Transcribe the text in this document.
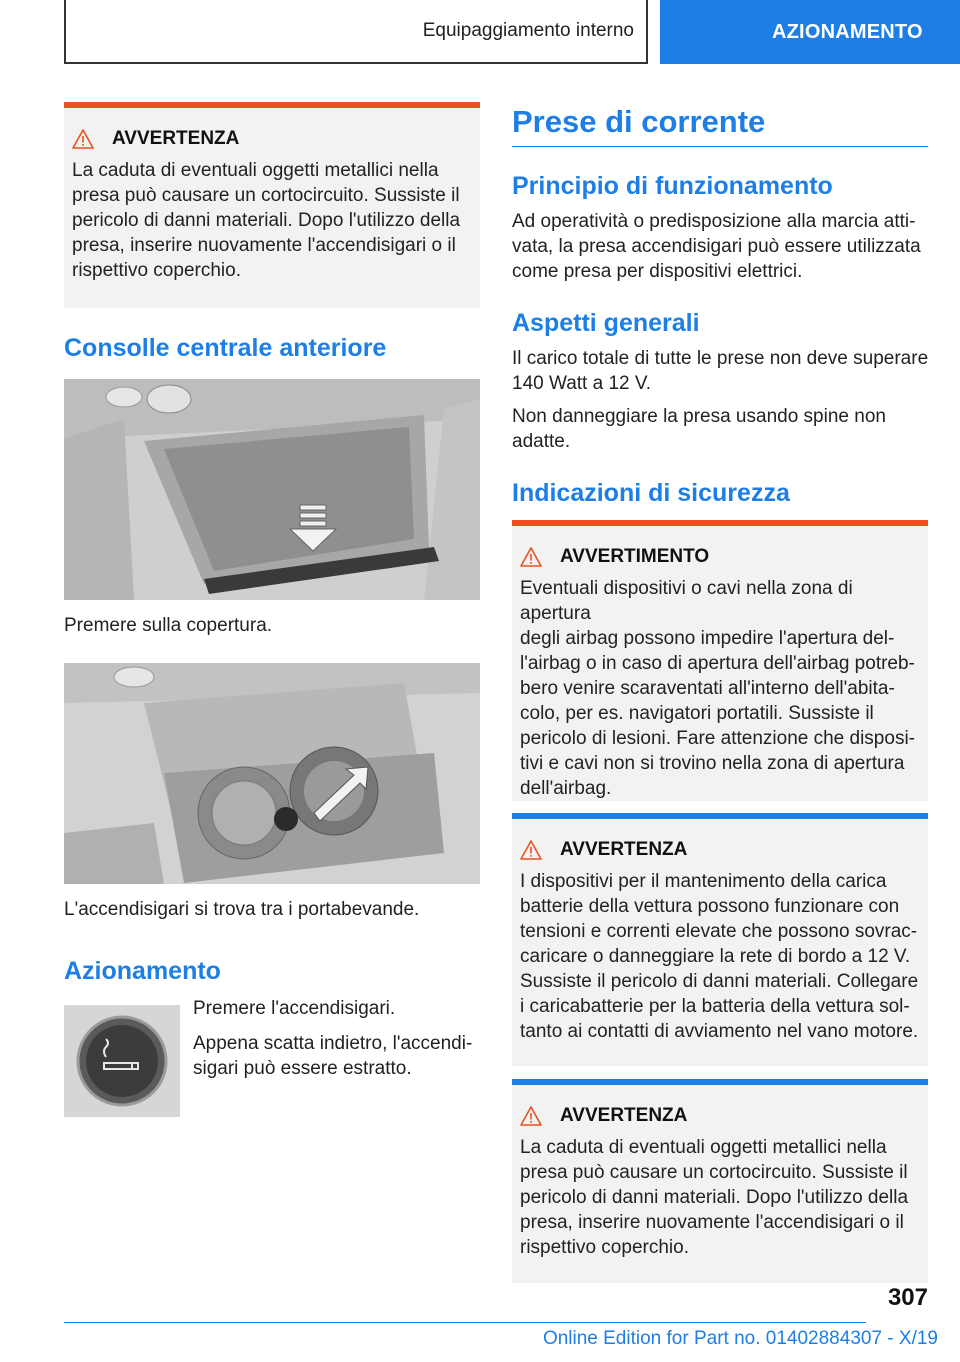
Equipaggiamento interno	AZIONAMENTO
AVVERTENZA

La caduta di eventuali oggetti metallici nella

presa può causare un cortocircuito. Sussiste il

pericolo di danni materiali. Dopo l'utilizzo della

presa, inserire nuovamente l'accendisigari o il

rispettivo coperchio.

Consolle centrale anteriore

Premere sulla copertura.

L'accendisigari si trova tra i portabevande.

Azionamento

Premere l'accendisigari.

Appena scatta indietro, l'accendi-

sigari può essere estratto.

Prese di corrente
Principio di funzionamento

Ad operatività o predisposizione alla marcia atti-

vata, la presa accendisigari può essere utilizzata

come presa per dispositivi elettrici.

Aspetti generali

Il carico totale di tutte le prese non deve superare

140 Watt a 12 V.

Non danneggiare la presa usando spine non

adatte.

Indicazioni di sicurezza
AVVERTIMENTO

Eventuali dispositivi o cavi nella zona di apertura

degli airbag possono impedire l'apertura del-

l'airbag o in caso di apertura dell'airbag potreb-

bero venire scaraventati all'interno dell'abita-

colo, per es. navigatori portatili. Sussiste il

pericolo di lesioni. Fare attenzione che disposi-

tivi e cavi non si trovino nella zona di apertura

dell'airbag.

AVVERTENZA

I dispositivi per il mantenimento della carica

batterie della vettura possono funzionare con

tensioni e correnti elevate che possono sovrac-

caricare o danneggiare la rete di bordo a 12 V.

Sussiste il pericolo di danni materiali. Collegare

i caricabatterie per la batteria della vettura sol-

tanto ai contatti di avviamento nel vano motore.

AVVERTENZA

La caduta di eventuali oggetti metallici nella

presa può causare un cortocircuito. Sussiste il

pericolo di danni materiali. Dopo l'utilizzo della

presa, inserire nuovamente l'accendisigari o il

rispettivo coperchio.

307
Online Edition for Part no. 01402884307 - X/19
